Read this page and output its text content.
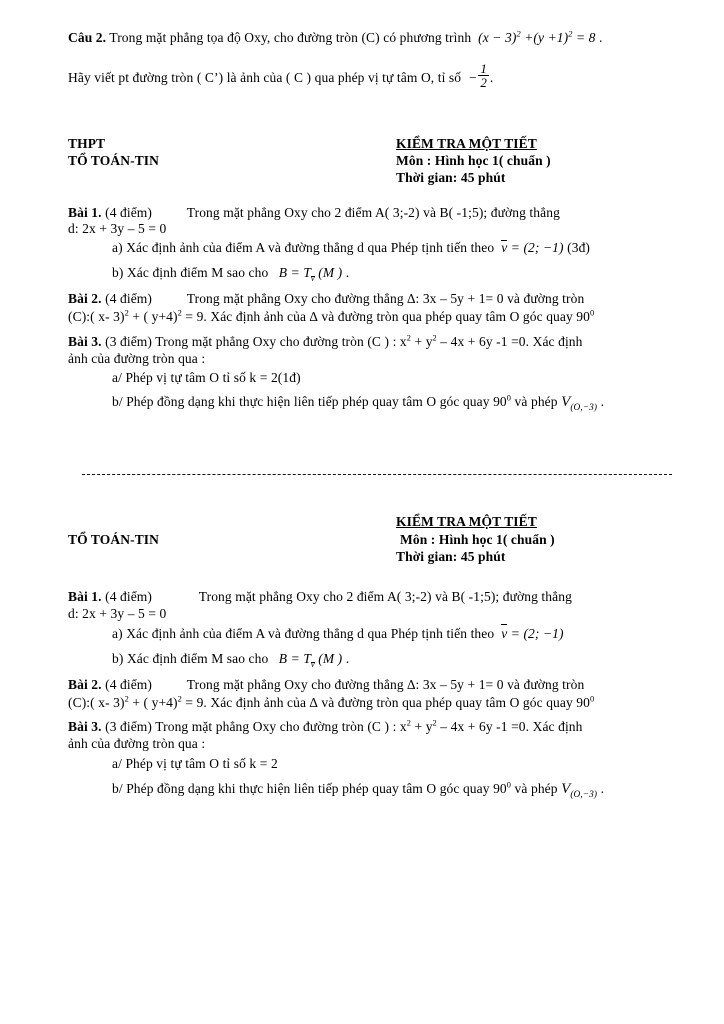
Câu 2. Trong mặt phẳng tọa độ Oxy, cho đường tròn (C) có phương trình  $(x - 3)^2 +(y +1)^2 = 8$ .
Hãy viết pt đường tròn ( C’) là ảnh của ( C ) qua phép vị tự tâm O, tỉ số − $\frac{1}{2}$ .
THPT
TỔ TOÁN-TIN
KIỂM TRA MỘT TIẾT
Môn : Hình học 1( chuẩn )
Thời gian: 45 phút
Bài 1. (4 điểm)	Trong mặt phẳng Oxy cho 2 điểm A( 3;-2) và B( -1;5); đường thẳng
d: 2x + 3y – 5 = 0
a) Xác định ảnh của điểm A và đường thẳng d qua Phép tịnh tiến theo v = (2; −1) (3đ)
b) Xác định điểm M sao cho B = Tv (M ) .
Bài 2. (4 điểm)	Trong mặt phẳng Oxy cho đường thẳng ∆: 3x – 5y + 1= 0 và đường tròn
(C):( x- 3)$^2$ + ( y+4)$^2$ = 9. Xác định ảnh của ∆ và đường tròn qua phép quay tâm O góc quay $90^0$
Bài 3. (3 điểm) Trong mặt phẳng Oxy cho đường tròn (C ) : $x^2 + y^2 - 4x + 6y$ -1 =0. Xác định
ảnh của đường tròn qua :
a/ Phép vị tự tâm O tỉ số k = 2(1đ)
b/ Phép đồng dạng khi thực hiện liên tiếp phép quay tâm O góc quay $90^0$ và phép $V_{(O,-3)}$ .
KIỂM TRA MỘT TIẾT
TỔ TOÁN-TIN	Môn : Hình học 1( chuẩn )
Thời gian: 45 phút
Bài 1. (4 điểm)	Trong mặt phẳng Oxy cho 2 điểm A( 3;-2) và B( -1;5); đường thẳng
d: 2x + 3y – 5 = 0
a) Xác định ảnh của điểm A và đường thẳng d qua Phép tịnh tiến theo v = (2; −1)
b) Xác định điểm M sao cho B = Tv (M ) .
Bài 2. (4 điểm)	Trong mặt phẳng Oxy cho đường thẳng ∆: 3x – 5y + 1= 0 và đường tròn
(C):( x- 3)$^2$ + ( y+4)$^2$ = 9. Xác định ảnh của ∆ và đường tròn qua phép quay tâm O góc quay $90^0$
Bài 3. (3 điểm) Trong mặt phẳng Oxy cho đường tròn (C ) : $x^2 + y^2 - 4x + 6y$ -1 =0. Xác định
ảnh của đường tròn qua :
a/ Phép vị tự tâm O tỉ số k = 2
b/ Phép đồng dạng khi thực hiện liên tiếp phép quay tâm O góc quay $90^0$ và phép $V_{(O,-3)}$ .
